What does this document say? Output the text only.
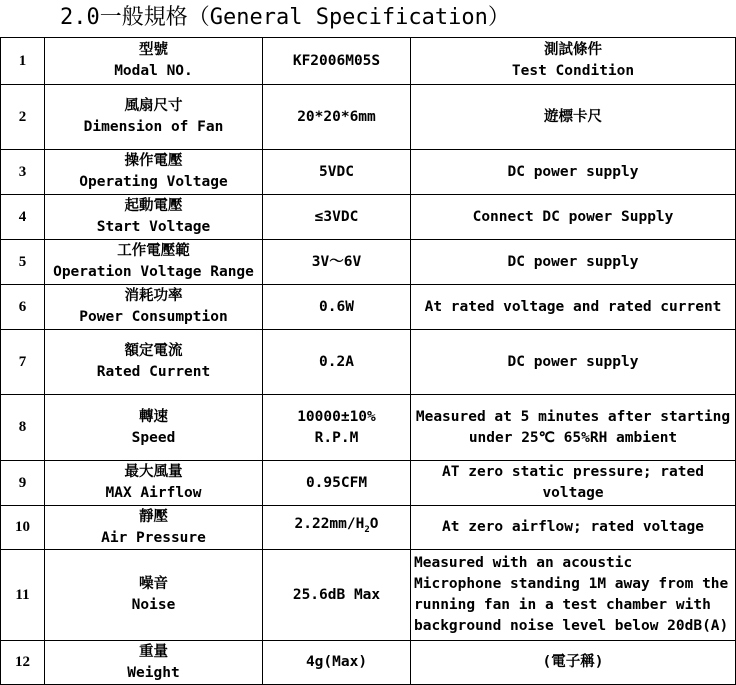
2.0一般規格（General Specification）
1	型號
Modal NO.	KF2006M05S	測試條件
Test Condition

2	風扇尺寸
Dimension of Fan	20*20*6mm	遊標卡尺

3	操作電壓
Operating Voltage	5VDC	DC power supply

4	起動電壓
Start Voltage	≤3VDC	Connect DC power Supply

5	工作電壓範
Operation Voltage Range	3V～6V	DC power supply

6	消耗功率
Power Consumption	0.6W	At rated voltage and rated current

7	額定電流
Rated Current	0.2A	DC power supply

8	轉速
Speed	10000±10%
R.P.M	Measured at 5 minutes after starting
under 25℃ 65%RH ambient

9	最大風量
MAX Airflow	0.95CFM	AT zero static pressure; rated
voltage

10	靜壓
Air Pressure	$2.22mm/H_2O$	At zero airflow; rated voltage

11	噪音
Noise	25.6dB Max	Measured with an acoustic
Microphone standing 1M away from the
running fan in a test chamber with
background noise level below 20dB(A)

12	重量
Weight	4g(Max)	(電子稱)
